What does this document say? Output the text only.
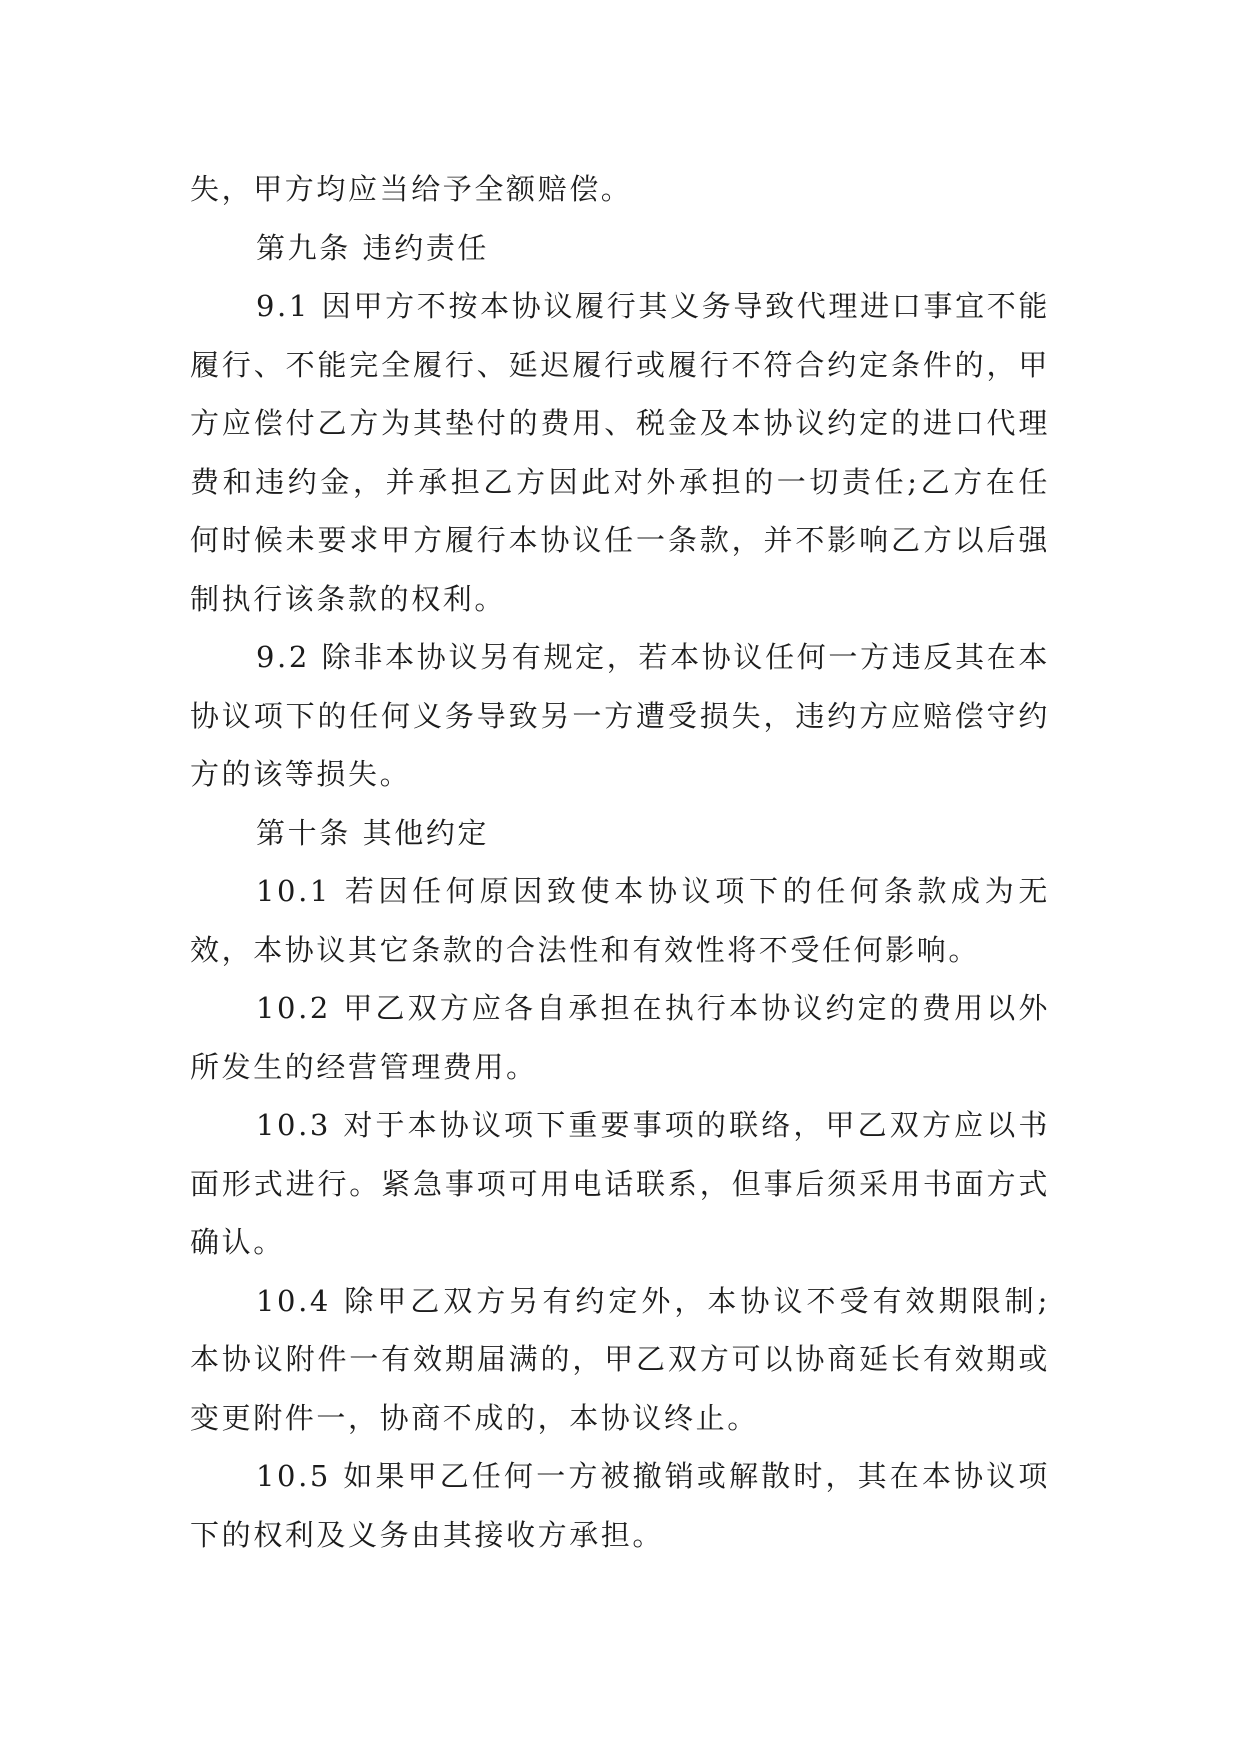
失，甲方均应当给予全额赔偿。

第九条 违约责任

9.1 因甲方不按本协议履行其义务导致代理进口事宜不能履行、不能完全履行、延迟履行或履行不符合约定条件的，甲方应偿付乙方为其垫付的费用、税金及本协议约定的进口代理费和违约金，并承担乙方因此对外承担的一切责任;乙方在任何时候未要求甲方履行本协议任一条款，并不影响乙方以后强制执行该条款的权利。

9.2 除非本协议另有规定，若本协议任何一方违反其在本协议项下的任何义务导致另一方遭受损失，违约方应赔偿守约方的该等损失。

第十条 其他约定

10.1 若因任何原因致使本协议项下的任何条款成为无效，本协议其它条款的合法性和有效性将不受任何影响。

10.2 甲乙双方应各自承担在执行本协议约定的费用以外所发生的经营管理费用。

10.3 对于本协议项下重要事项的联络，甲乙双方应以书面形式进行。紧急事项可用电话联系，但事后须采用书面方式确认。

10.4 除甲乙双方另有约定外，本协议不受有效期限制;本协议附件一有效期届满的，甲乙双方可以协商延长有效期或变更附件一，协商不成的，本协议终止。

10.5 如果甲乙任何一方被撤销或解散时，其在本协议项下的权利及义务由其接收方承担。
